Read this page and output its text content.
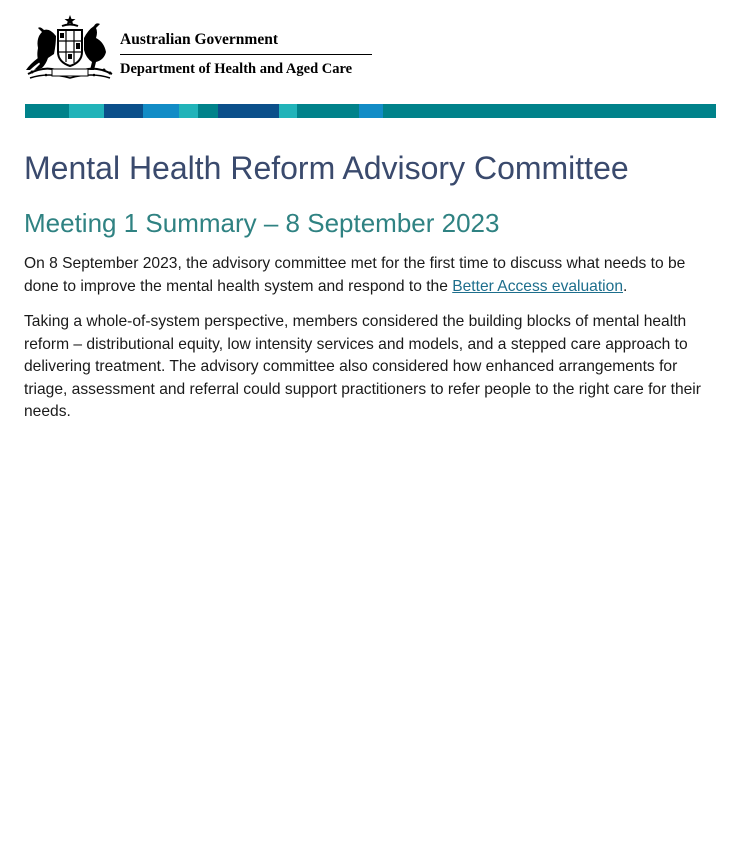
Australian Government
Department of Health and Aged Care
Mental Health Reform Advisory Committee
Meeting 1 Summary – 8 September 2023

On 8 September 2023, the advisory committee met for the first time to discuss what needs to be done to improve the mental health system and respond to the Better Access evaluation.

Taking a whole-of-system perspective, members considered the building blocks of mental health reform – distributional equity, low intensity services and models, and a stepped care approach to delivering treatment. The advisory committee also considered how enhanced arrangements for triage, assessment and referral could support practitioners to refer people to the right care for their needs.
